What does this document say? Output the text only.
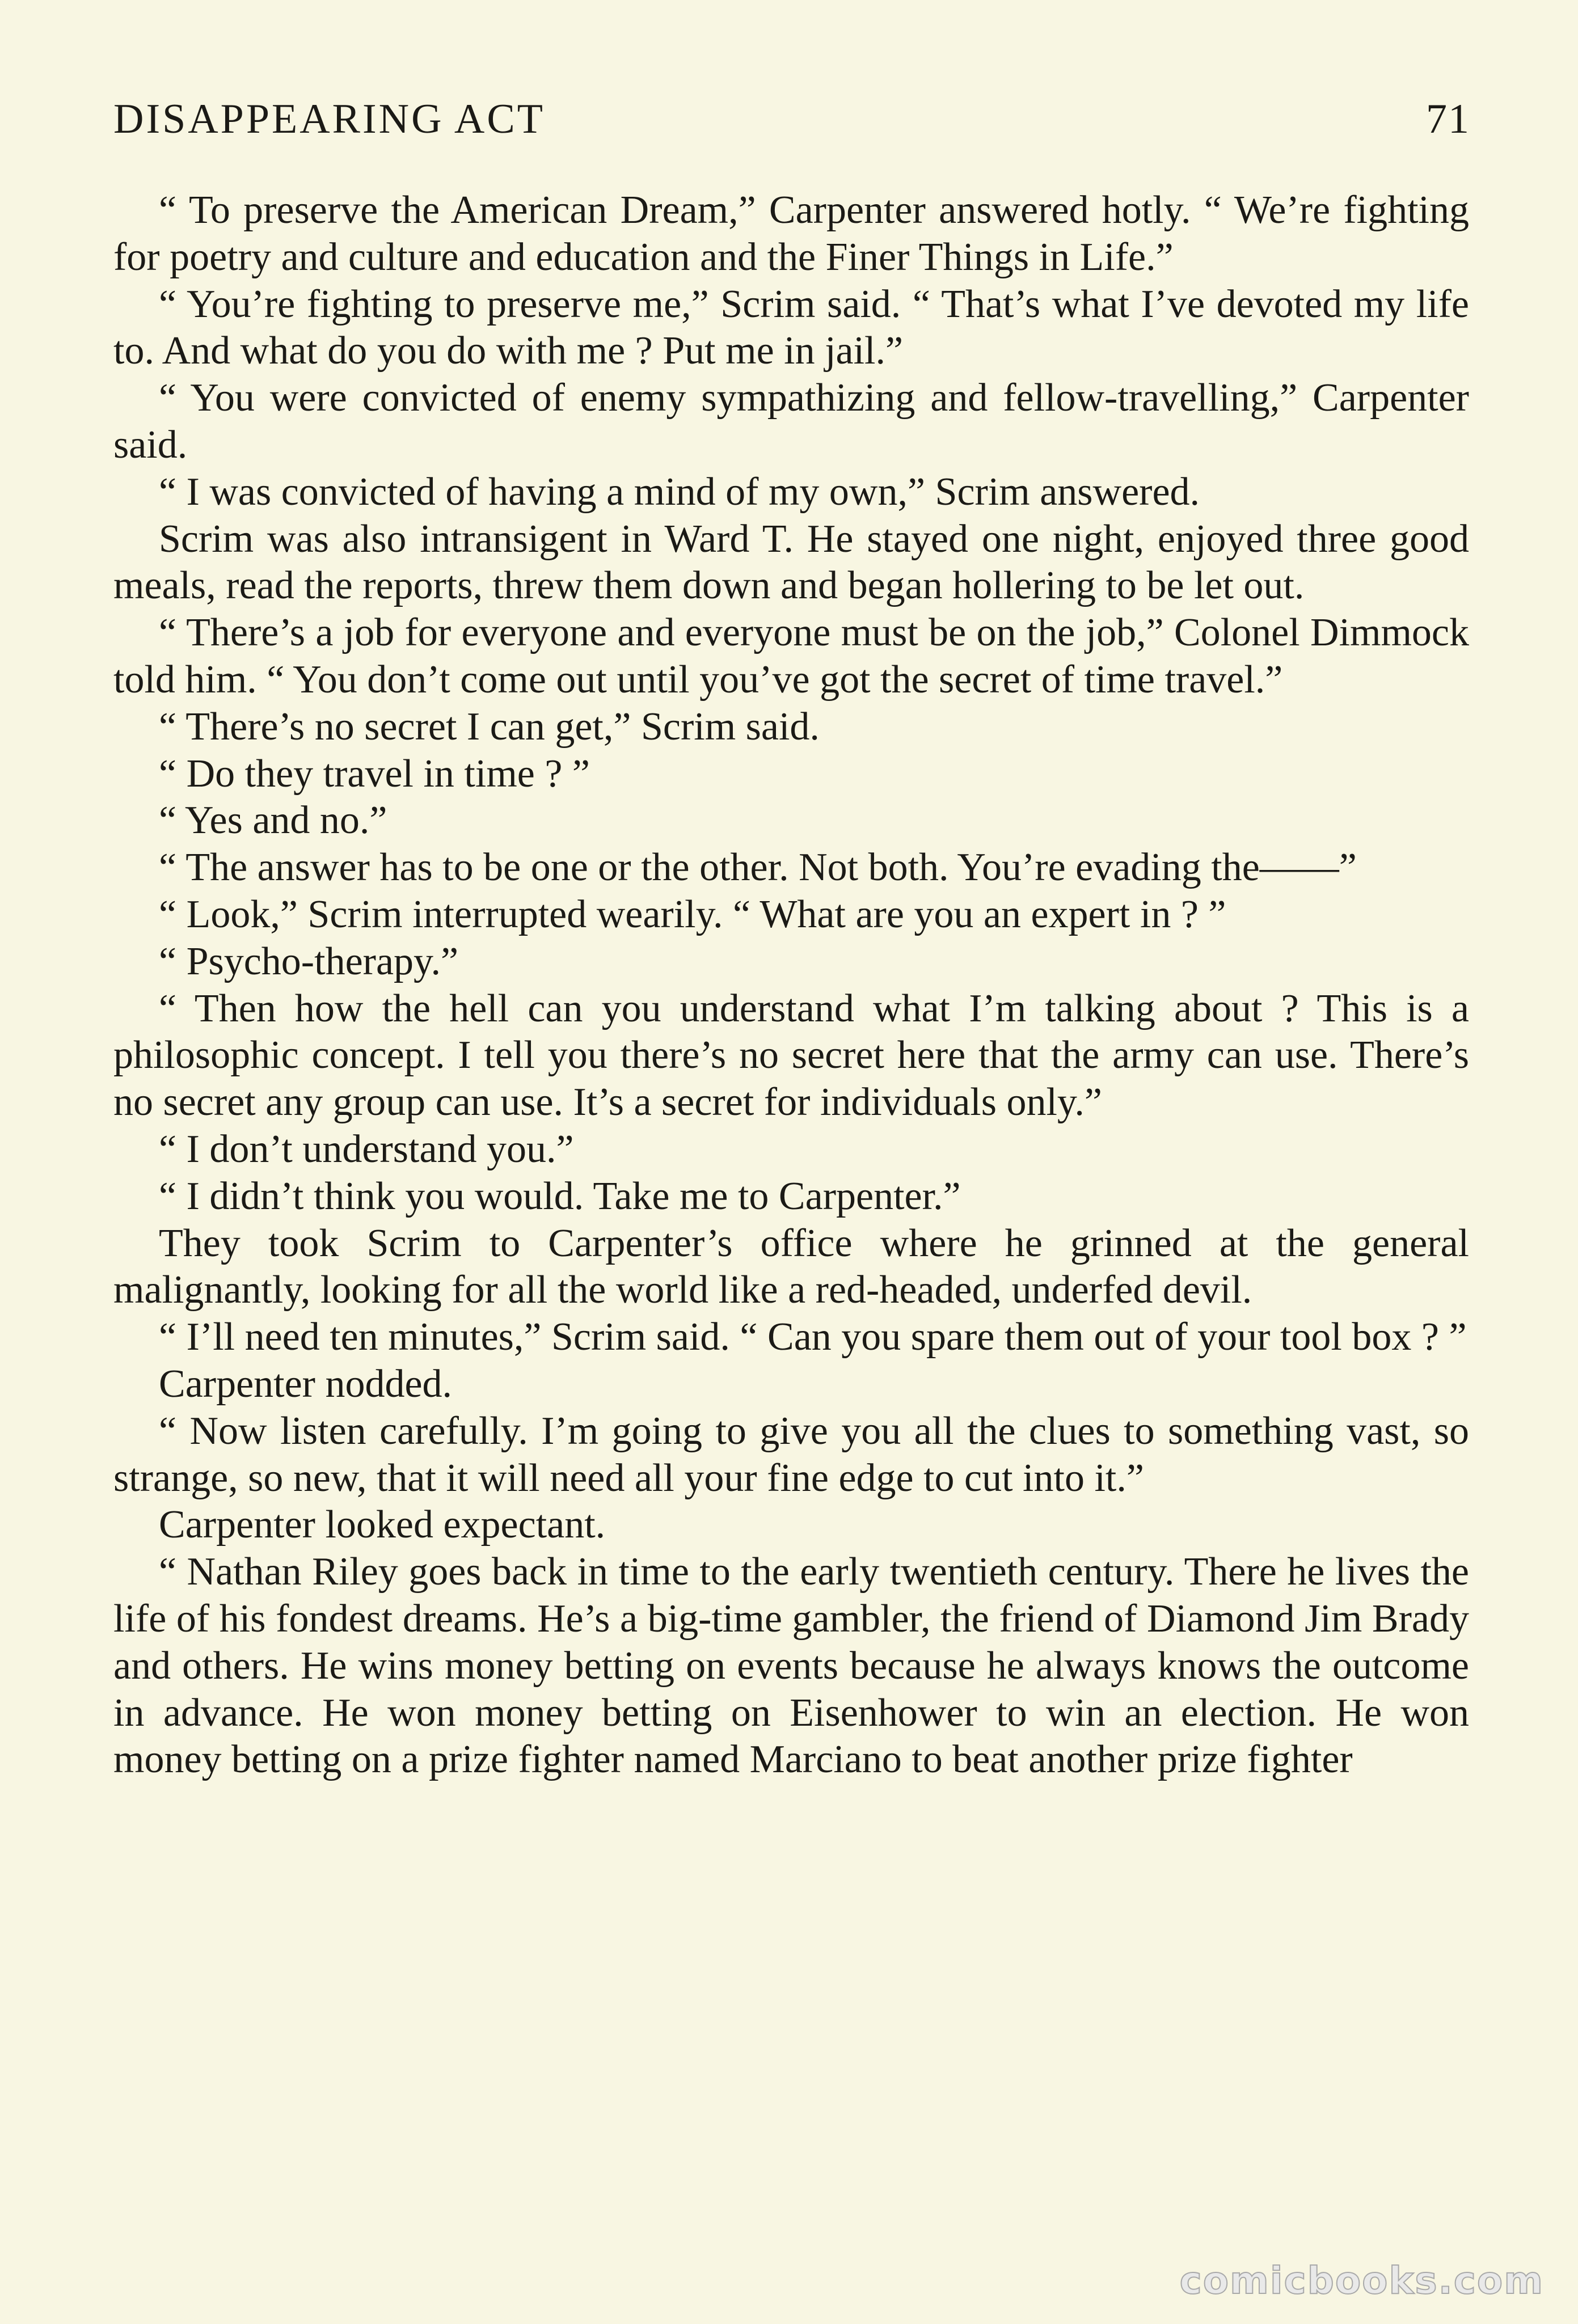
DISAPPEARING ACT	71

“ To preserve the American Dream,” Carpenter answered hotly. “ We’re fighting for poetry and culture and education and the Finer Things in Life.”

“ You’re fighting to preserve me,” Scrim said. “ That’s what I’ve devoted my life to. And what do you do with me ? Put me in jail.”

“ You were convicted of enemy sympathizing and fellow-travelling,” Carpenter said.

“ I was convicted of having a mind of my own,” Scrim answered.

Scrim was also intransigent in Ward T. He stayed one night, enjoyed three good meals, read the reports, threw them down and began hollering to be let out.

“ There’s a job for everyone and everyone must be on the job,” Colonel Dimmock told him. “ You don’t come out until you’ve got the secret of time travel.”

“ There’s no secret I can get,” Scrim said.

“ Do they travel in time ? ”

“ Yes and no.”

“ The answer has to be one or the other. Not both. You’re evading the——”

“ Look,” Scrim interrupted wearily. “ What are you an expert in ? ”

“ Psycho-therapy.”

“ Then how the hell can you understand what I’m talking about ? This is a philosophic concept. I tell you there’s no secret here that the army can use. There’s no secret any group can use. It’s a secret for individuals only.”

“ I don’t understand you.”

“ I didn’t think you would. Take me to Carpenter.”

They took Scrim to Carpenter’s office where he grinned at the general malignantly, looking for all the world like a red-headed, underfed devil.

“ I’ll need ten minutes,” Scrim said. “ Can you spare them out of your tool box ? ”

Carpenter nodded.

“ Now listen carefully. I’m going to give you all the clues to something vast, so strange, so new, that it will need all your fine edge to cut into it.”

Carpenter looked expectant.

“ Nathan Riley goes back in time to the early twentieth century. There he lives the life of his fondest dreams. He’s a big-time gambler, the friend of Diamond Jim Brady and others. He wins money betting on events because he always knows the outcome in advance. He won money betting on Eisenhower to win an election. He won money betting on a prize fighter named Marciano to beat another prize fighter

comicbooks.com
